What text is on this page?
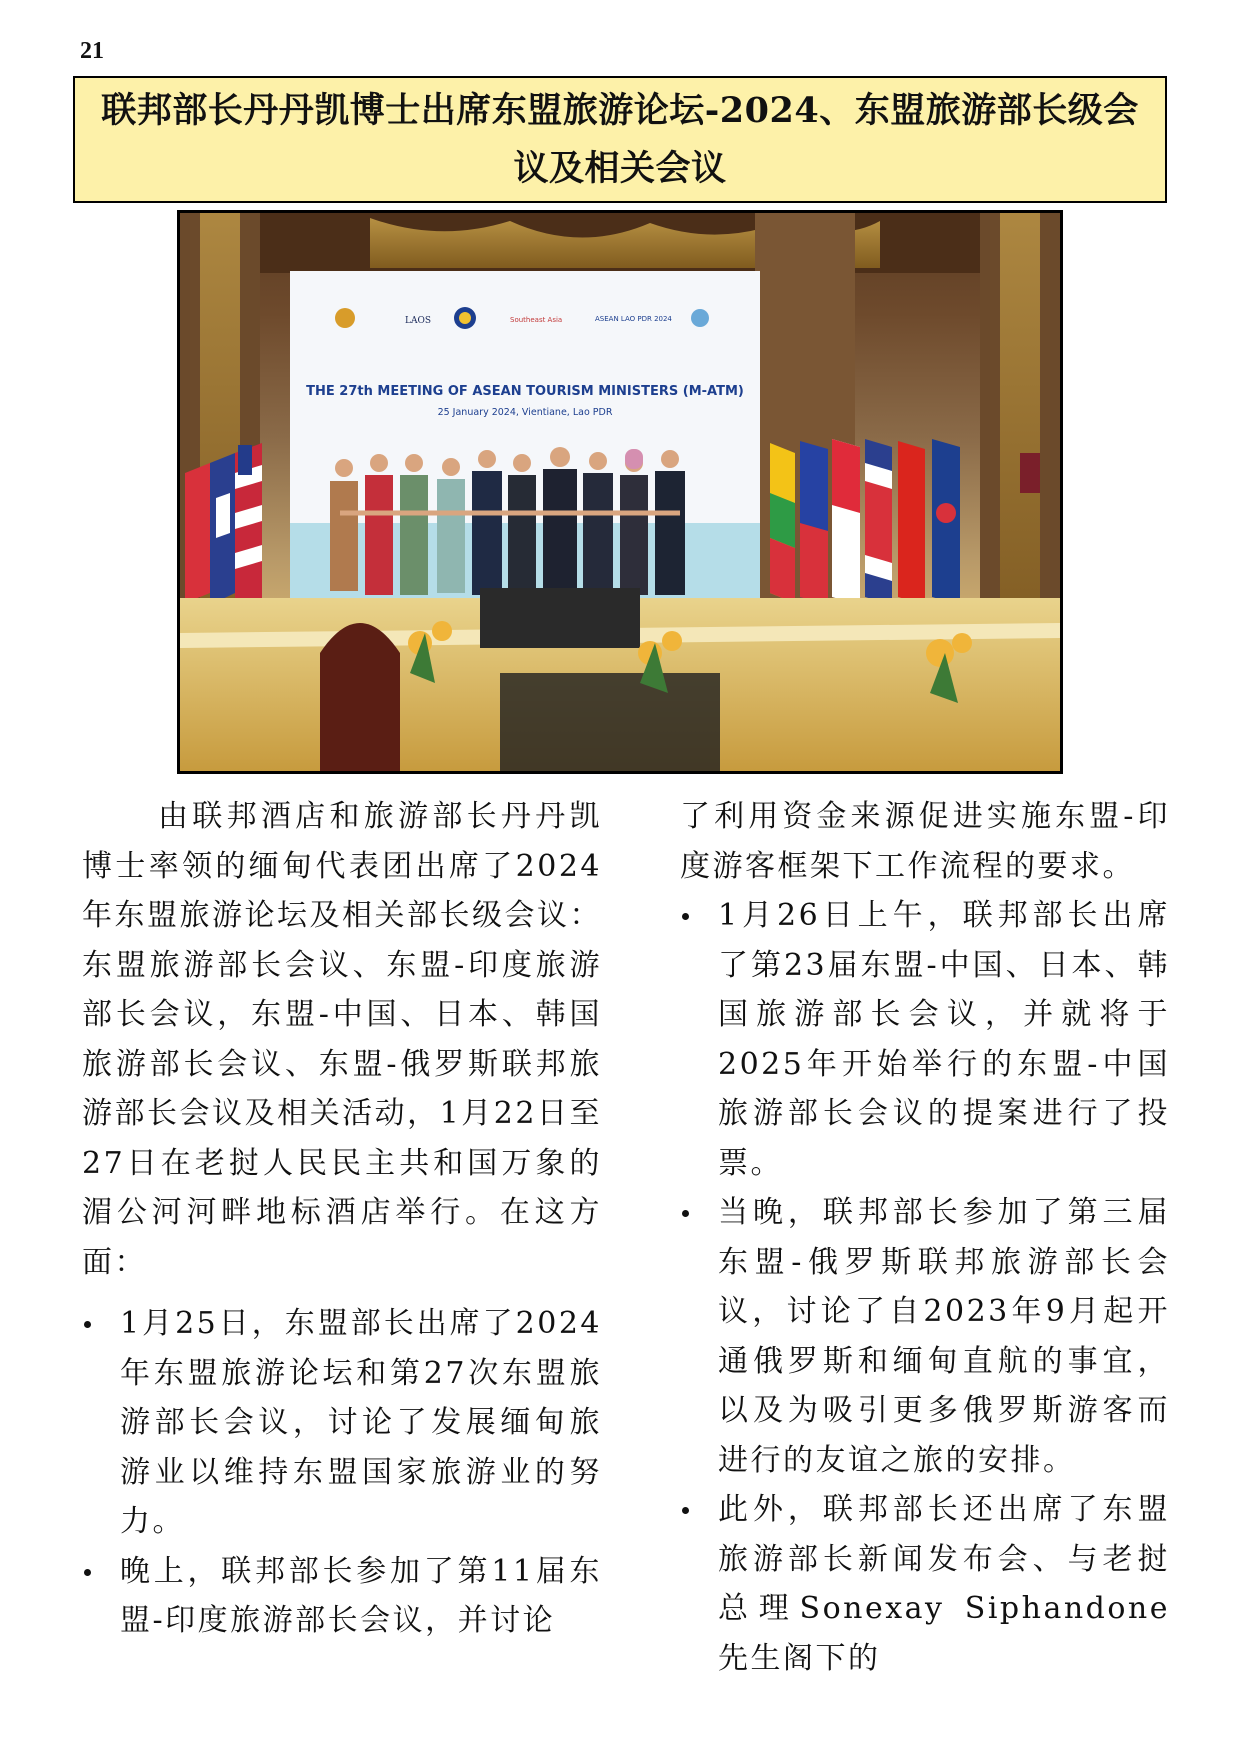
21
联邦部长丹丹凯博士出席东盟旅游论坛-2024、东盟旅游部长级会议及相关会议
LAOS	Southeast Asia	ASEAN LAO PDR 2024
THE 27th MEETING OF ASEAN TOURISM MINISTERS (M-ATM)
25 January 2024, Vientiane, Lao PDR

由联邦酒店和旅游部长丹丹凯博士率领的缅甸代表团出席了2024年东盟旅游论坛及相关部长级会议：东盟旅游部长会议、东盟-印度旅游部长会议，东盟-中国、日本、韩国旅游部长会议、东盟-俄罗斯联邦旅游部长会议及相关活动，1月22日至27日在老挝人民民主共和国万象的湄公河河畔地标酒店举行。在这方面：

1月25日，东盟部长出席了2024年东盟旅游论坛和第27次东盟旅游部长会议，讨论了发展缅甸旅游业以维持东盟国家旅游业的努力。
晚上，联邦部长参加了第11届东盟-印度旅游部长会议，并讨论

了利用资金来源促进实施东盟-印度游客框架下工作流程的要求。

1月26日上午，联邦部长出席了第23届东盟-中国、日本、韩国旅游部长会议，并就将于2025年开始举行的东盟-中国旅游部长会议的提案进行了投票。
当晚，联邦部长参加了第三届东盟-俄罗斯联邦旅游部长会议，讨论了自2023年9月起开通俄罗斯和缅甸直航的事宜，以及为吸引更多俄罗斯游客而进行的友谊之旅的安排。
此外，联邦部长还出席了东盟旅游部长新闻发布会、与老挝总理Sonexay Siphandone先生阁下的
